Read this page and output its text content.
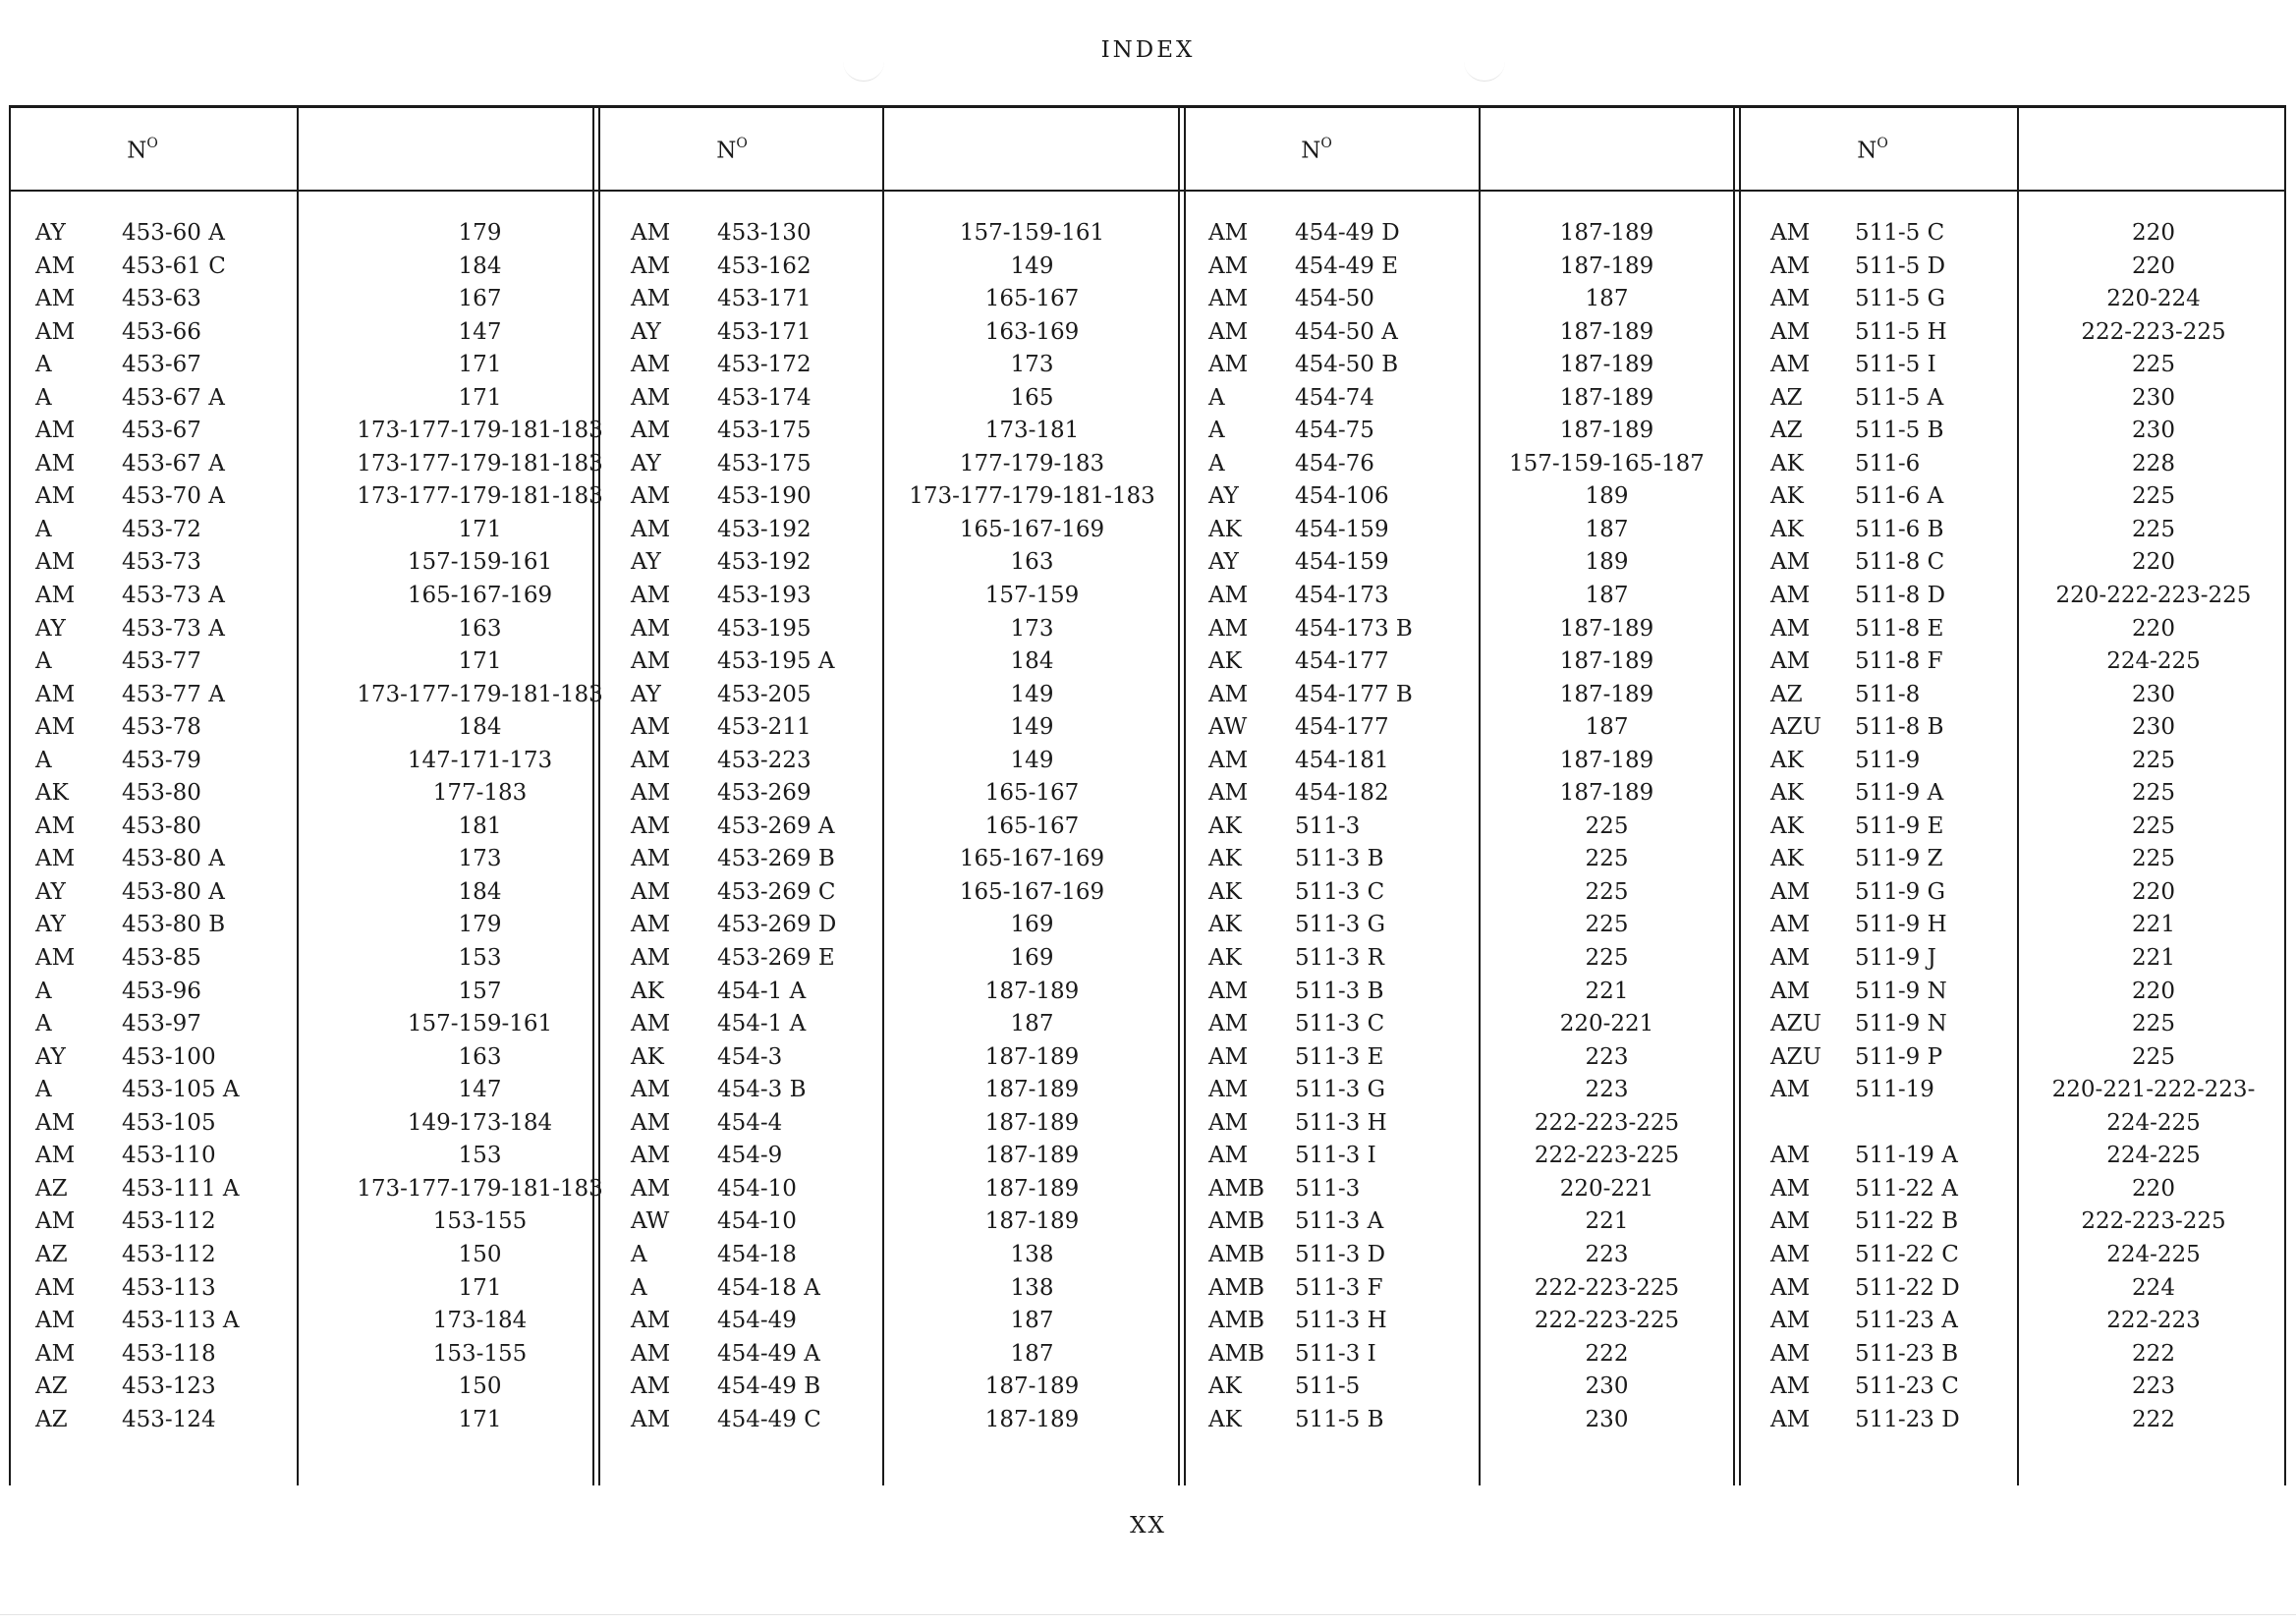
INDEX
$N^O$	$N^O$	$N^O$	$N^O$
AY 453-60 A	179
AM 453-61 C	184
AM 453-63	167
AM 453-66	147
A	453-67	171
A	453-67 A	171
AM 453-67	173-177-179-181-183
AM 453-67 A	173-177-179-181-183
AM 453-70 A	173-177-179-181-183
A	453-72	171
AM 453-73	157-159-161
AM 453-73 A	165-167-169
AY 453-73 A	163
A	453-77	171
AM 453-77 A	173-177-179-181-183
AM 453-78	184
A	453-79	147-171-173
AK 453-80	177-183
AM 453-80	181
AM 453-80 A	173
AY 453-80 A	184
AY 453-80 B	179
AM 453-85	153
A	453-96	157
A	453-97	157-159-161
AY 453-100	163
A	453-105 A	147
AM 453-105	149-173-184
AM 453-110	153
AZ 453-111 A	173-177-179-181-183
AM 453-112	153-155
AZ 453-112	150
AM 453-113	171
AM 453-113 A	173-184
AM 453-118	153-155
AZ 453-123	150
AZ 453-124	171
AM 453-130	157-159-161
AM 453-162	149
AM 453-171	165-167
AY 453-171	163-169
AM 453-172	173
AM 453-174	165
AM 453-175	173-181
AY 453-175	177-179-183
AM 453-190	173-177-179-181-183
AM 453-192	165-167-169
AY 453-192	163
AM 453-193	157-159
AM 453-195	173
AM 453-195 A	184
AY 453-205	149
AM 453-211	149
AM 453-223	149
AM 453-269	165-167
AM 453-269 A	165-167
AM 453-269 B	165-167-169
AM 453-269 C	165-167-169
AM 453-269 D	169
AM 453-269 E	169
AK 454-1 A	187-189
AM 454-1 A	187
AK 454-3	187-189
AM 454-3 B	187-189
AM 454-4	187-189
AM 454-9	187-189
AM 454-10	187-189
AW 454-10	187-189
A	454-18	138
A	454-18 A	138
AM 454-49	187
AM 454-49 A	187
AM 454-49 B	187-189
AM 454-49 C	187-189
AM 454-49 D	187-189
AM 454-49 E	187-189
AM 454-50	187
AM 454-50 A	187-189
AM 454-50 B	187-189
A	454-74	187-189
A	454-75	187-189
A	454-76	157-159-165-187
AY 454-106	189
AK 454-159	187
AY 454-159	189
AM 454-173	187
AM 454-173 B	187-189
AK 454-177	187-189
AM 454-177 B	187-189
AW 454-177	187
AM 454-181	187-189
AM 454-182	187-189
AK 511-3	225
AK 511-3 B	225
AK 511-3 C	225
AK 511-3 G	225
AK 511-3 R	225
AM 511-3 B	221
AM 511-3 C	220-221
AM 511-3 E	223
AM 511-3 G	223
AM 511-3 H	222-223-225
AM 511-3 I	222-223-225
AMB 511-3	220-221
AMB 511-3 A	221
AMB 511-3 D	223
AMB 511-3 F	222-223-225
AMB 511-3 H	222-223-225
AMB 511-3 I	222
AK 511-5	230
AK 511-5 B	230
AM 511-5 C	220
AM 511-5 D	220
AM 511-5 G	220-224
AM 511-5 H	222-223-225
AM 511-5 I	225
AZ 511-5 A	230
AZ 511-5 B	230
AK 511-6	228
AK 511-6 A	225
AK 511-6 B	225
AM 511-8 C	220
AM 511-8 D	220-222-223-225
AM 511-8 E	220
AM 511-8 F	224-225
AZ 511-8	230
AZU 511-8 B	230
AK 511-9	225
AK 511-9 A	225
AK 511-9 E	225
AK 511-9 Z	225
AM 511-9 G	220
AM 511-9 H	221
AM 511-9 J	221
AM 511-9 N	220
AZU 511-9 N	225
AZU 511-9 P	225
AM 511-19	220-221-222-223-
224-225
AM 511-19 A	224-225
AM 511-22 A	220
AM 511-22 B	222-223-225
AM 511-22 C	224-225
AM 511-22 D	224
AM 511-23 A	222-223
AM 511-23 B	222
AM 511-23 C	223
AM 511-23 D	222
XX
